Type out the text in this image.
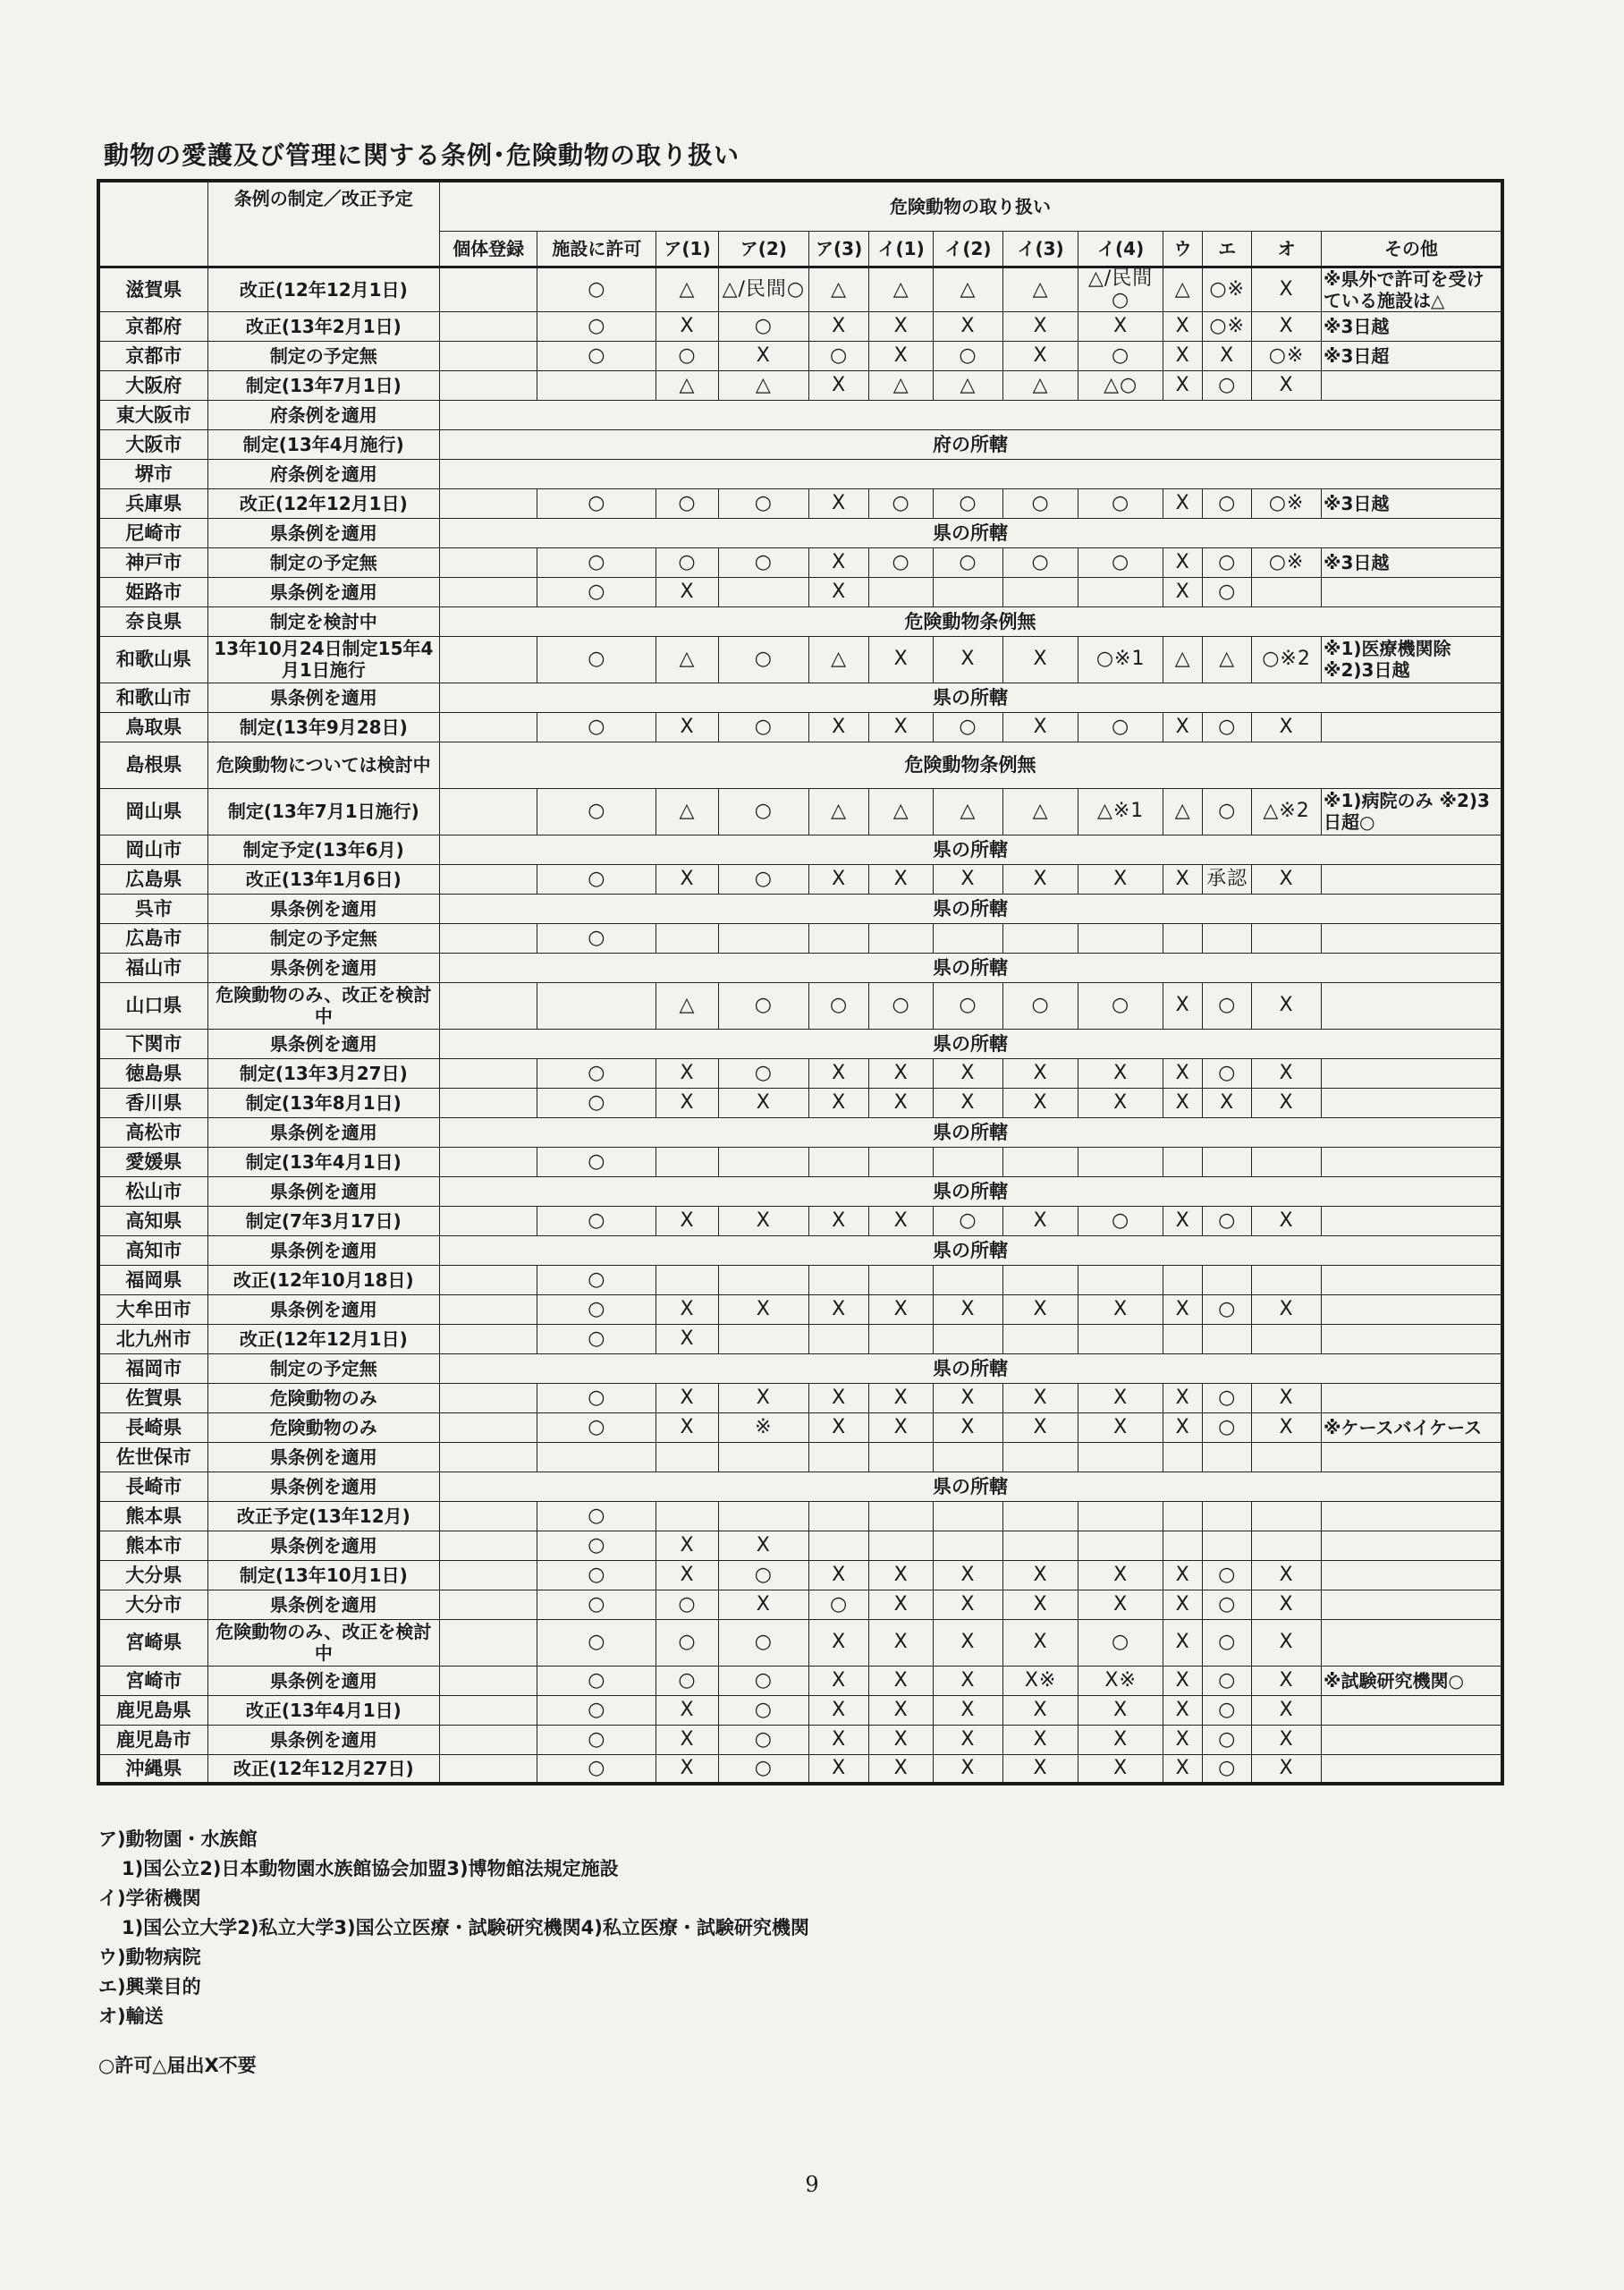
動物の愛護及び管理に関する条例･危険動物の取り扱い
	条例の制定／改正予定	危険動物の取り扱い												
		個体登録	施設に許可	ア(1)	ア(2)	ア(3)	イ(1)	イ(2)	イ(3)	イ(4)	ウ	エ	オ	その他
滋賀県	改正(12年12月1日)		○	△	△/民間○	△	△	△	△	△/民間○	△	○※	X	※県外で許可を受けている施設は△
京都府	改正(13年2月1日)		○	X	○	X	X	X	X	X	X	○※	X	※3日越
京都市	制定の予定無		○	○	X	○	X	○	X	○	X	X	○※	※3日超
大阪府	制定(13年7月1日)			△	△	X	△	△	△	△○	X	○	X	
東大阪市	府条例を適用													
大阪市	制定(13年4月施行)	府の所轄												
堺市	府条例を適用													
兵庫県	改正(12年12月1日)		○	○	○	X	○	○	○	○	X	○	○※	※3日越
尼崎市	県条例を適用	県の所轄												
神戸市	制定の予定無		○	○	○	X	○	○	○	○	X	○	○※	※3日越
姫路市	県条例を適用		○	X		X					X	○		
奈良県	制定を検討中	危険動物条例無												
和歌山県	13年10月24日制定15年4月1日施行		○	△	○	△	X	X	X	○※1	△	△	○※2	※1)医療機関除 ※2)3日越
和歌山市	県条例を適用	県の所轄												
鳥取県	制定(13年9月28日)		○	X	○	X	X	○	X	○	X	○	X	
島根県	危険動物については検討中	危険動物条例無												
岡山県	制定(13年7月1日施行)		○	△	○	△	△	△	△	△※1	△	○	△※2	※1)病院のみ ※2)3日超○
岡山市	制定予定(13年6月)	県の所轄												
広島県	改正(13年1月6日)		○	X	○	X	X	X	X	X	X	承認	X	
呉市	県条例を適用	県の所轄												
広島市	制定の予定無		○											
福山市	県条例を適用	県の所轄												
山口県	危険動物のみ、改正を検討中			△	○	○	○	○	○	○	X	○	X	
下関市	県条例を適用	県の所轄												
徳島県	制定(13年3月27日)		○	X	○	X	X	X	X	X	X	○	X	
香川県	制定(13年8月1日)		○	X	X	X	X	X	X	X	X	X	X	
高松市	県条例を適用	県の所轄												
愛媛県	制定(13年4月1日)		○											
松山市	県条例を適用	県の所轄												
高知県	制定(7年3月17日)		○	X	X	X	X	○	X	○	X	○	X	
高知市	県条例を適用	県の所轄												
福岡県	改正(12年10月18日)		○											
大牟田市	県条例を適用		○	X	X	X	X	X	X	X	X	○	X	
北九州市	改正(12年12月1日)		○	X										
福岡市	制定の予定無	県の所轄												
佐賀県	危険動物のみ		○	X	X	X	X	X	X	X	X	○	X	
長崎県	危険動物のみ		○	X	※	X	X	X	X	X	X	○	X	※ケースバイケース
佐世保市	県条例を適用													
長崎市	県条例を適用	県の所轄												
熊本県	改正予定(13年12月)		○											
熊本市	県条例を適用		○	X	X									
大分県	制定(13年10月1日)		○	X	○	X	X	X	X	X	X	○	X	
大分市	県条例を適用		○	○	X	○	X	X	X	X	X	○	X	
宮崎県	危険動物のみ、改正を検討中		○	○	○	X	X	X	X	○	X	○	X	
宮崎市	県条例を適用		○	○	○	X	X	X	X※	X※	X	○	X	※試験研究機関○
鹿児島県	改正(13年4月1日)		○	X	○	X	X	X	X	X	X	○	X	
鹿児島市	県条例を適用		○	X	○	X	X	X	X	X	X	○	X	
沖縄県	改正(12年12月27日)		○	X	○	X	X	X	X	X	X	○	X	
ア)動物園・水族館
1)国公立2)日本動物園水族館協会加盟3)博物館法規定施設
イ)学術機関
1)国公立大学2)私立大学3)国公立医療・試験研究機関4)私立医療・試験研究機関
ウ)動物病院
エ)興業目的
オ)輸送
○許可△届出X不要
9
